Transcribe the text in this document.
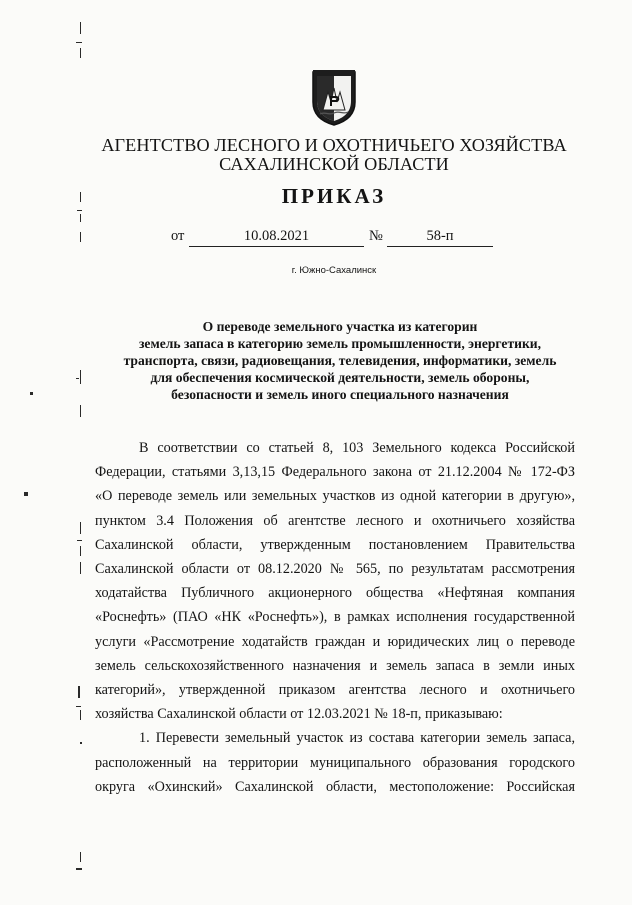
АГЕНТСТВО ЛЕСНОГО И ОХОТНИЧЬЕГО ХОЗЯЙСТВА
САХАЛИНСКОЙ ОБЛАСТИ
ПРИКАЗ
от	10.08.2021	№	58-п
г. Южно-Сахалинск
О переводе земельного участка из категорин
земель запаса в категорию земель промышленности, энергетики,
транспорта, связи, радиовещания, телевидения, информатики, земель
для обеспечения космической деятельности, земель обороны,
безопасности и земель иного специального назначения

В соответствии со статьей 8, 103 Земельного кодекса Российской
Федерации, статьями 3,13,15 Федерального закона от 21.12.2004 № 172-ФЗ
«О переводе земель или земельных участков из одной категории в другую»,
пунктом 3.4 Положения об агентстве лесного и охотничьего хозяйства
Сахалинской области, утвержденным постановлением Правительства
Сахалинской области от 08.12.2020 № 565, по результатам рассмотрения
ходатайства Публичного акционерного общества «Нефтяная компания
«Роснефть» (ПАО «НК «Роснефть»), в рамках исполнения государственной
услуги «Рассмотрение ходатайств граждан и юридических лиц о переводе
земель сельскохозяйственного назначения и земель запаса в земли иных
категорий», утвержденной приказом агентства лесного и охотничьего
хозяйства Сахалинской области от 12.03.2021 № 18-п, приказываю:

1. Перевести земельный участок из состава категории земель запаса,
расположенный на территории муниципального образования городского
округа «Охинский» Сахалинской области, местоположение: Российская
